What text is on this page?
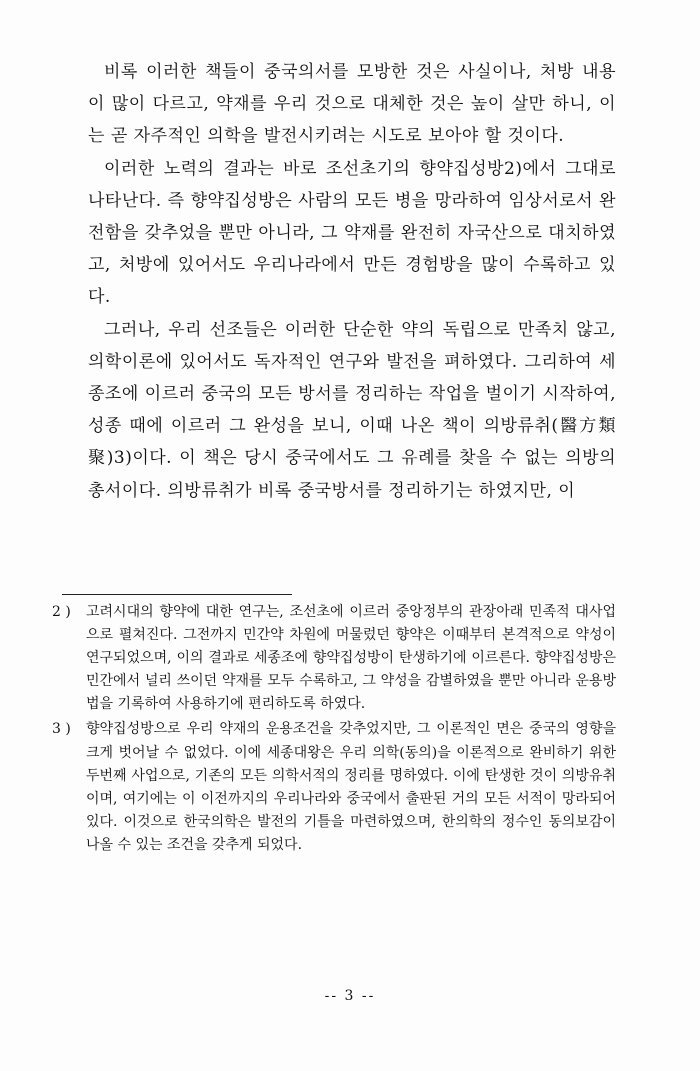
비록 이러한 책들이 중국의서를 모방한 것은 사실이나, 처방 내용 이 많이 다르고, 약재를 우리 것으로 대체한 것은 높이 살만 하니, 이는 곧 자주적인 의학을 발전시키려는 시도로 보아야 할 것이다.

이러한 노력의 결과는 바로 조선초기의 향약집성방2)에서 그대로 나타난다. 즉 향약집성방은 사람의 모든 병을 망라하여 임상서로서 완전함을 갖추었을 뿐만 아니라, 그 약재를 완전히 자국산으로 대치하였고, 처방에 있어서도 우리나라에서 만든 경험방을 많이 수록하고 있다.

그러나, 우리 선조들은 이러한 단순한 약의 독립으로 만족치 않고, 의학이론에 있어서도 독자적인 연구와 발전을 펴하였다. 그리하여 세종조에 이르러 중국의 모든 방서를 정리하는 작업을 벌이기 시작하여, 성종 때에 이르러 그 완성을 보니, 이때 나온 책이 의방류취(醫方類聚)3)이다. 이 책은 당시 중국에서도 그 유례를 찾을 수 없는 의방의 총서이다. 의방류취가 비록 중국방서를 정리하기는 하였지만, 이

2 )	고려시대의 향약에 대한 연구는, 조선초에 이르러 중앙정부의 관장아래 민족적 대사업으로 펼쳐진다. 그전까지 민간약 차원에 머물렀던 향약은 이때부터 본격적으로 약성이 연구되었으며, 이의 결과로 세종조에 향약집성방이 탄생하기에 이르른다. 향약집성방은 민간에서 널리 쓰이던 약재를 모두 수록하고, 그 약성을 감별하였을 뿐만 아니라 운용방법을 기록하여 사용하기에 편리하도록 하였다.
3 )	향약집성방으로 우리 약재의 운용조건을 갖추었지만, 그 이론적인 면은 중국의 영향을 크게 벗어날 수 없었다. 이에 세종대왕은 우리 의학(동의)을 이론적으로 완비하기 위한 두번째 사업으로, 기존의 모든 의학서적의 정리를 명하였다. 이에 탄생한 것이 의방유취이며, 여기에는 이 이전까지의 우리나라와 중국에서 출판된 거의 모든 서적이 망라되어 있다. 이것으로 한국의학은 발전의 기틀을 마련하였으며, 한의학의 정수인 동의보감이 나올 수 있는 조건을 갖추게 되었다.
-- 3 --
